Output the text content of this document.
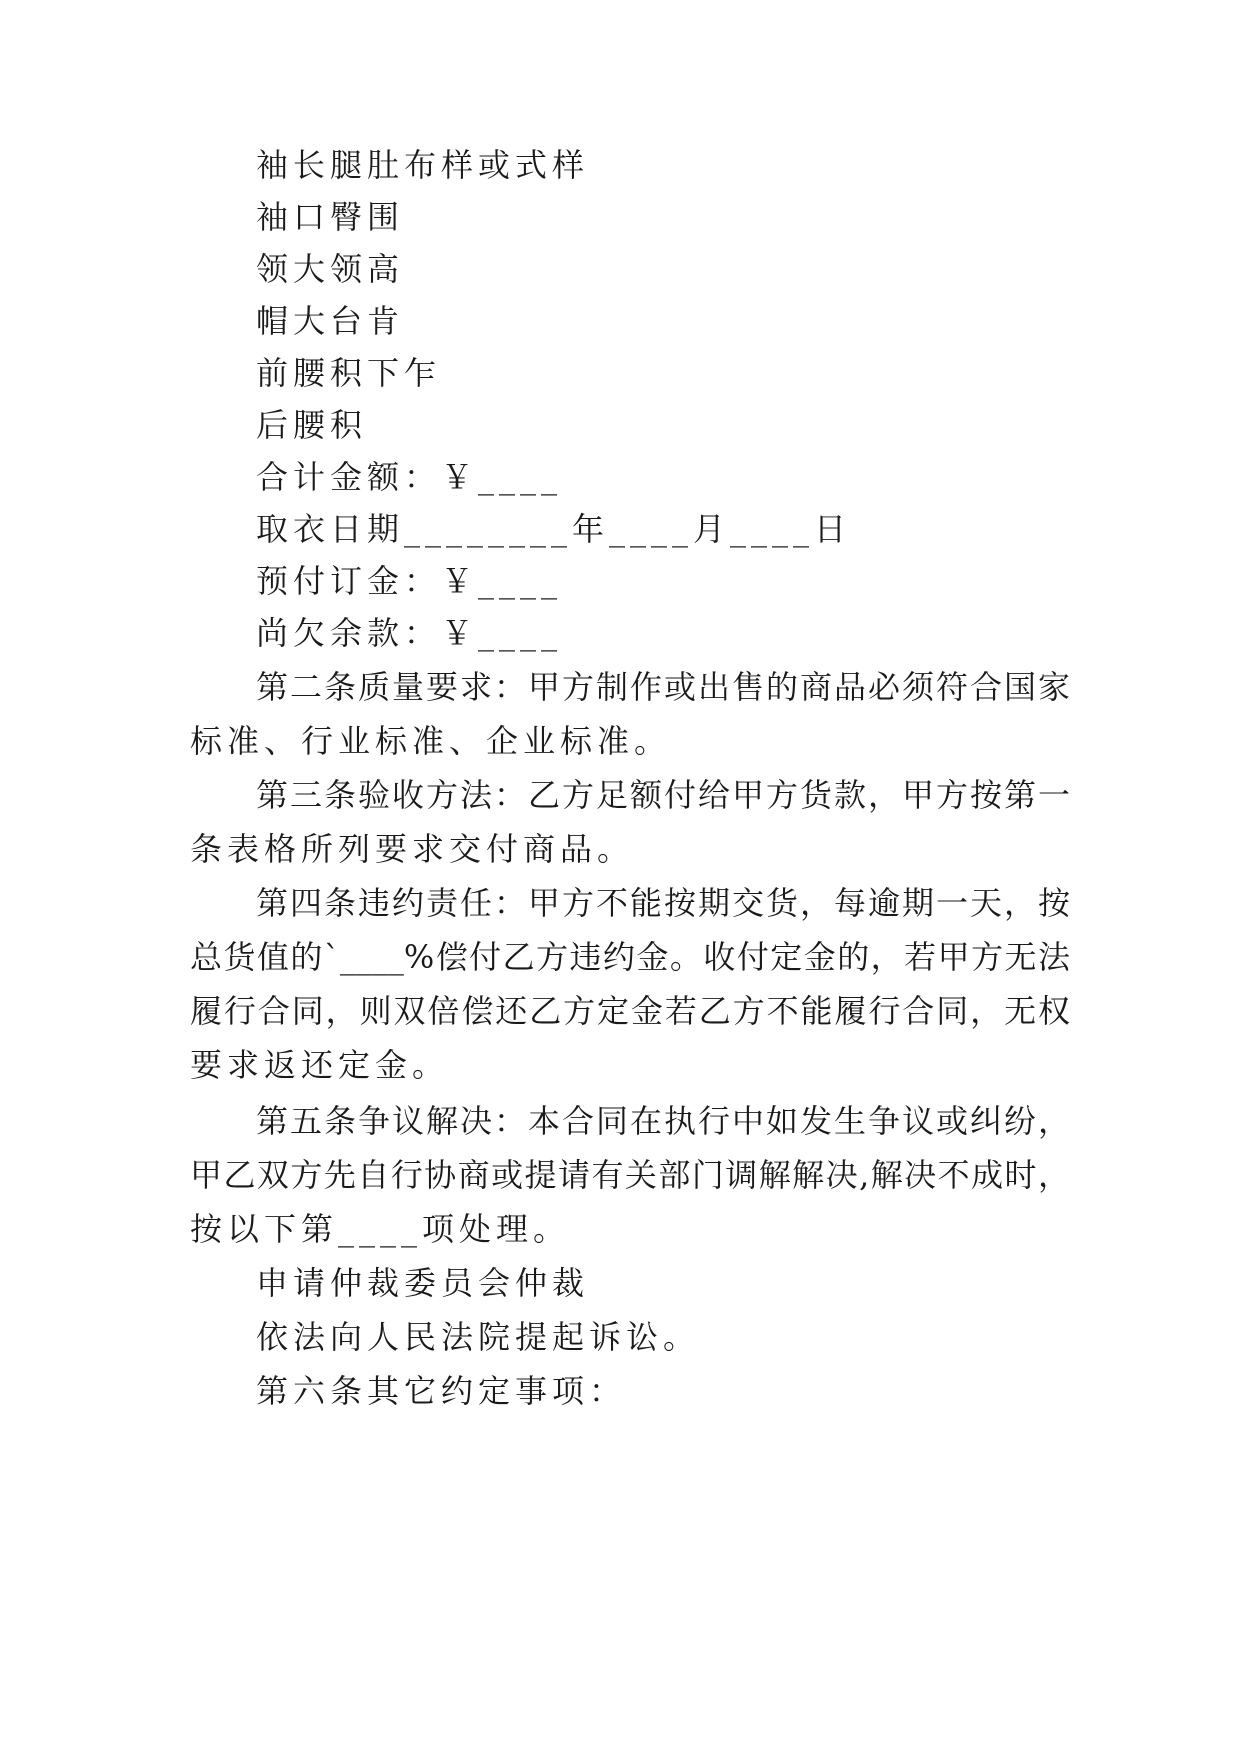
袖长腿肚布样或式样
袖口臀围
领大领高
帽大台肯
前腰积下乍
后腰积
合计金额：￥____
取衣日期________年____月____日
预付订金：￥____
尚欠余款：￥____
第二条质量要求：甲方制作或出售的商品必须符合国家
标准、行业标准、企业标准。
第三条验收方法：乙方足额付给甲方货款，甲方按第一
条表格所列要求交付商品。
第四条违约责任：甲方不能按期交货，每逾期一天，按
总货值的`____%偿付乙方违约金。收付定金的，若甲方无法
履行合同，则双倍偿还乙方定金若乙方不能履行合同，无权
要求返还定金。
第五条争议解决：本合同在执行中如发生争议或纠纷，
甲乙双方先自行协商或提请有关部门调解解决,解决不成时，
按以下第____项处理。
申请仲裁委员会仲裁
依法向人民法院提起诉讼。
第六条其它约定事项：
